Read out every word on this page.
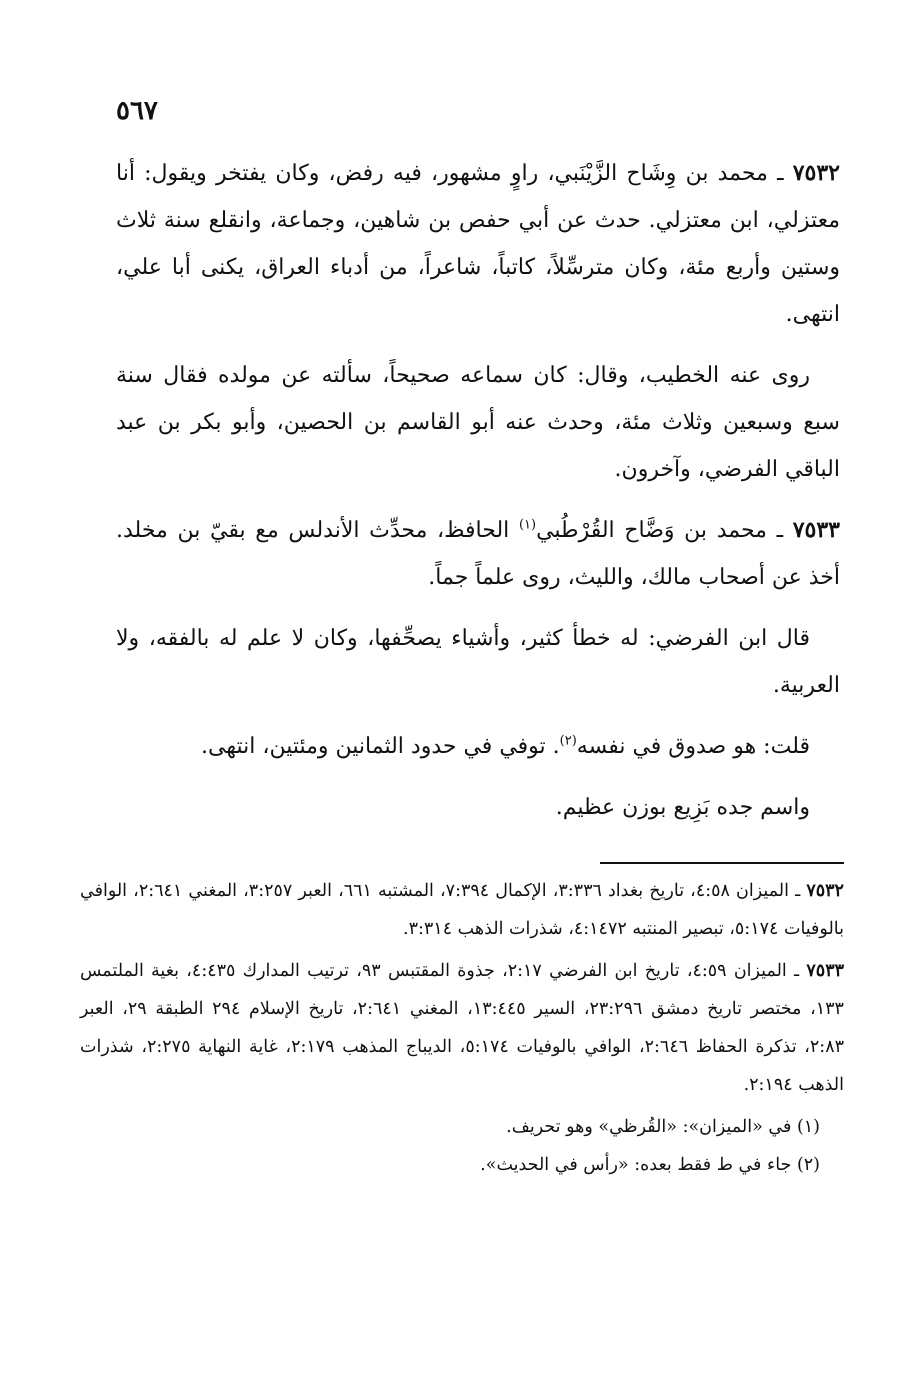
٥٦٧

٧٥٣٢ ـ محمد بن وِشَاح الزَّيْنَبي، راوٍ مشهور، فيه رفض، وكان يفتخر ويقول: أنا معتزلي، ابن معتزلي. حدث عن أبي حفص بن شاهين، وجماعة، وانقلع سنة ثلاث وستين وأربع مئة، وكان مترسِّلاً، كاتباً، شاعراً، من أدباء العراق، يكنى أبا علي، انتهى.

روى عنه الخطيب، وقال: كان سماعه صحيحاً، سألته عن مولده فقال سنة سبع وسبعين وثلاث مئة، وحدث عنه أبو القاسم بن الحصين، وأبو بكر بن عبد الباقي الفرضي، وآخرون.

٧٥٣٣ ـ محمد بن وَضَّاح القُرْطُبي$^{(١)}$ الحافظ، محدِّث الأندلس مع بقيّ بن مخلد. أخذ عن أصحاب مالك، والليث، روى علماً جماً.

قال ابن الفرضي: له خطأ كثير، وأشياء يصحِّفها، وكان لا علم له بالفقه، ولا العربية.

قلت: هو صدوق في نفسه$^{(٢)}$. توفي في حدود الثمانين ومئتين، انتهى.

واسم جده بَزِيع بوزن عظيم.

٧٥٣٢ ـ الميزان ٤:٥٨، تاريخ بغداد ٣:٣٣٦، الإكمال ٧:٣٩٤، المشتبه ٦٦١، العبر ٣:٢٥٧، المغني ٢:٦٤١، الوافي بالوفيات ٥:١٧٤، تبصير المنتبه ٤:١٤٧٢، شذرات الذهب ٣:٣١٤.

٧٥٣٣ ـ الميزان ٤:٥٩، تاريخ ابن الفرضي ٢:١٧، جذوة المقتبس ٩٣، ترتيب المدارك ٤:٤٣٥، بغية الملتمس ١٣٣، مختصر تاريخ دمشق ٢٣:٢٩٦، السير ١٣:٤٤٥، المغني ٢:٦٤١، تاريخ الإسلام ٢٩٤ الطبقة ٢٩، العبر ٢:٨٣، تذكرة الحفاظ ٢:٦٤٦، الوافي بالوفيات ٥:١٧٤، الديباج المذهب ٢:١٧٩، غاية النهاية ٢:٢٧٥، شذرات الذهب ٢:١٩٤.

(١) في «الميزان»: «القُرظي» وهو تحريف.

(٢) جاء في ط فقط بعده: «رأس في الحديث».
